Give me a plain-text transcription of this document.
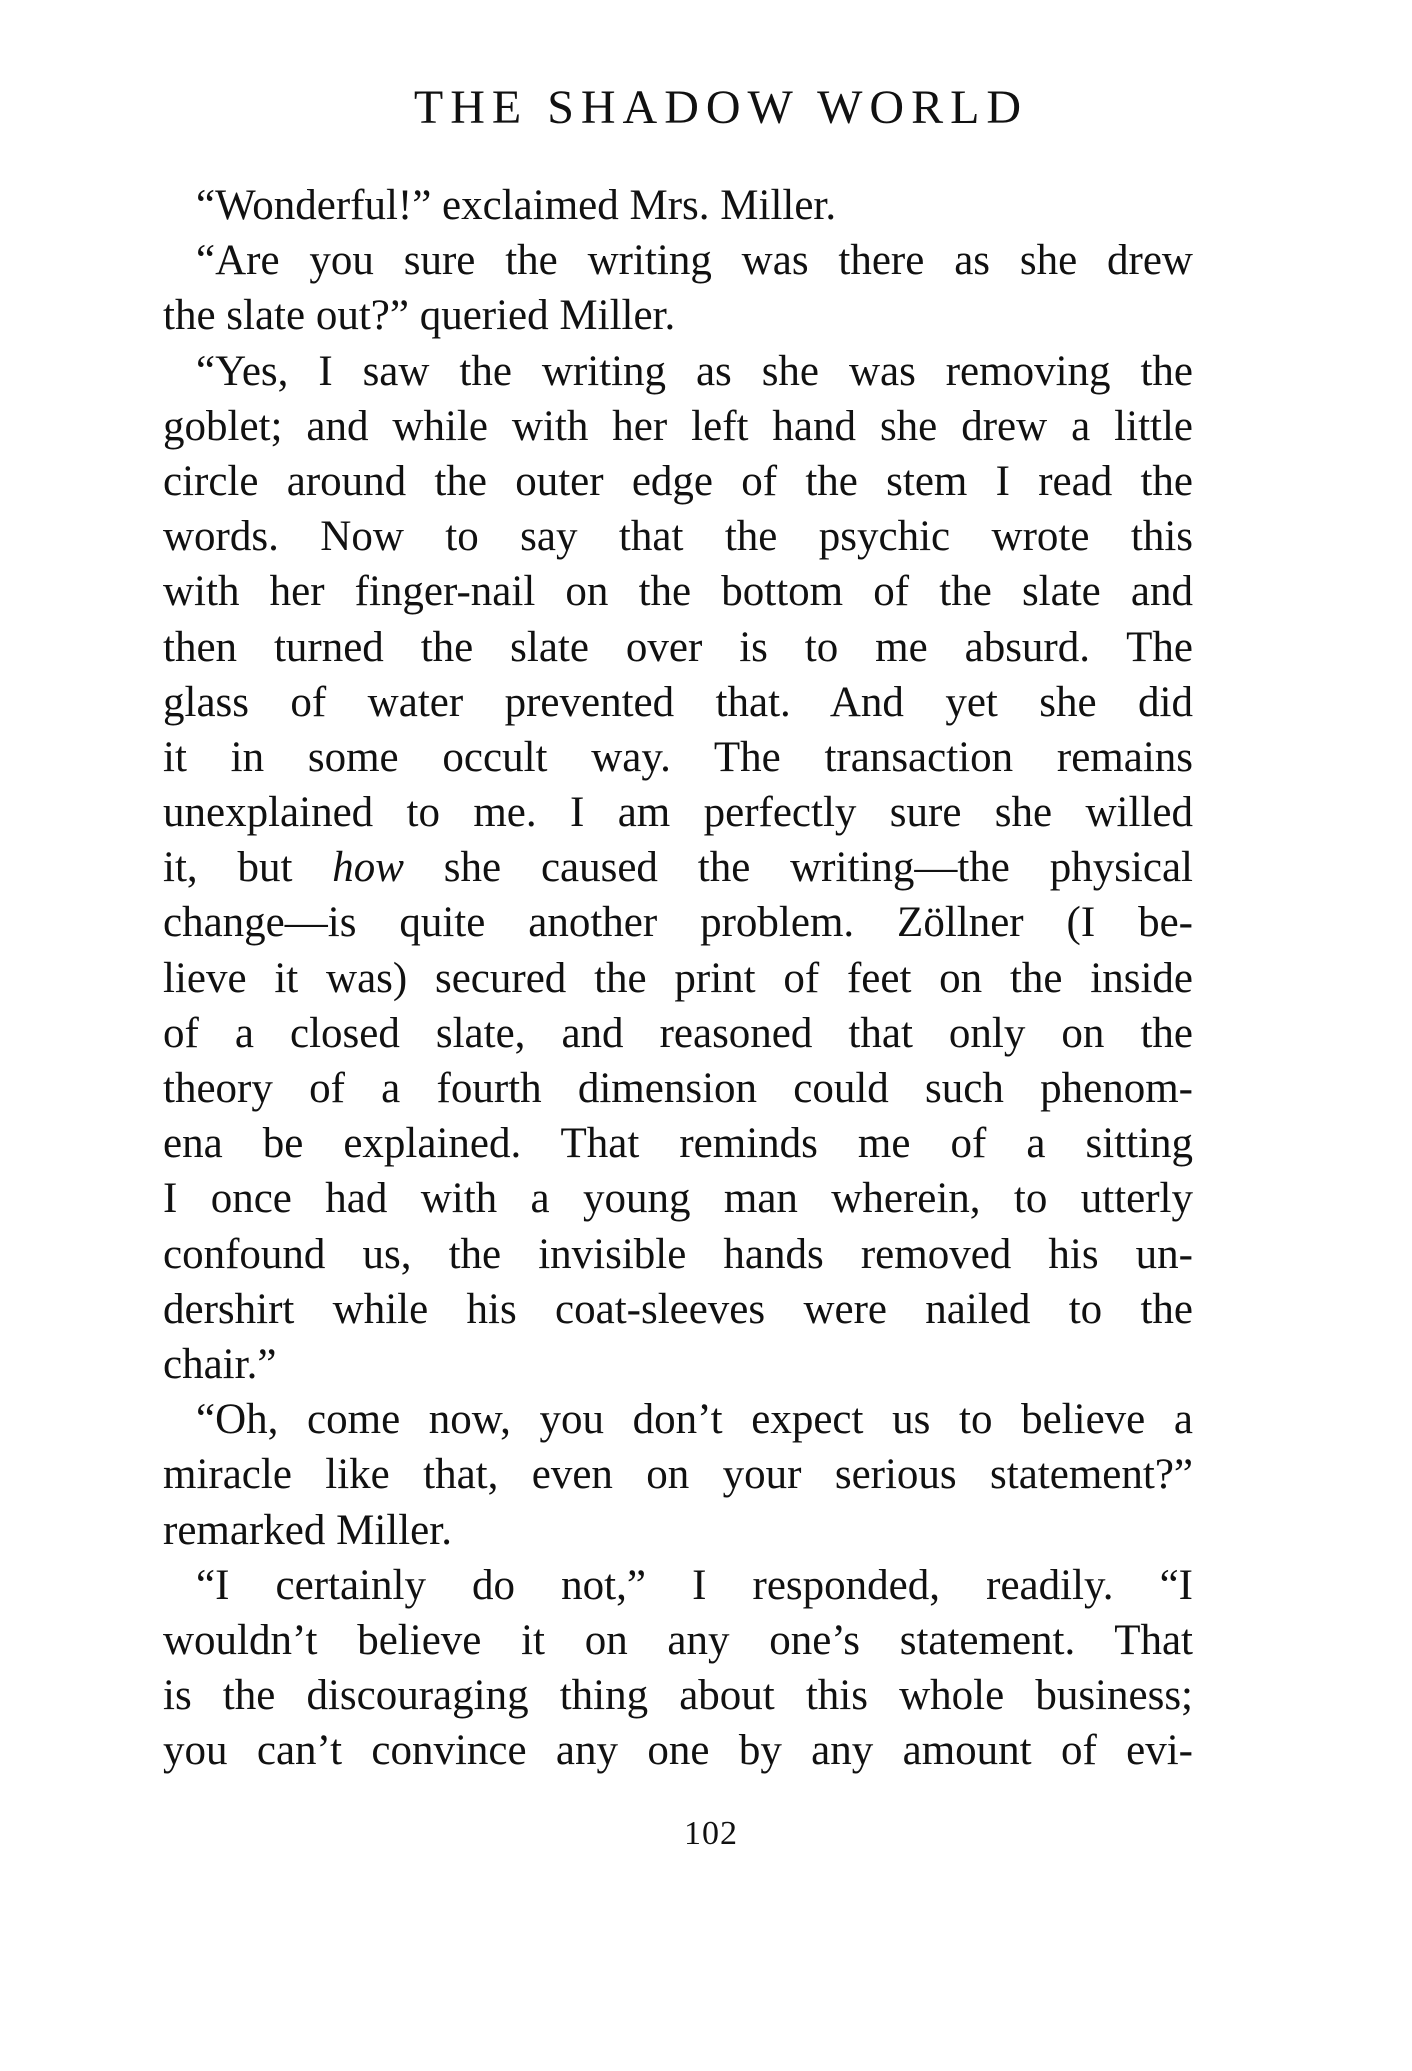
THE SHADOW WORLD
“Wonderful!” exclaimed Mrs. Miller.
“Are you sure the writing was there as she drew
the slate out?” queried Miller.
“Yes, I saw the writing as she was removing the
goblet; and while with her left hand she drew a little
circle around the outer edge of the stem I read the
words. Now to say that the psychic wrote this
with her finger-nail on the bottom of the slate and
then turned the slate over is to me absurd. The
glass of water prevented that. And yet she did
it in some occult way. The transaction remains
unexplained to me. I am perfectly sure she willed
it, but how she caused the writing—the physical
change—is quite another problem. Zöllner (I be-
lieve it was) secured the print of feet on the inside
of a closed slate, and reasoned that only on the
theory of a fourth dimension could such phenom-
ena be explained. That reminds me of a sitting
I once had with a young man wherein, to utterly
confound us, the invisible hands removed his un-
dershirt while his coat-sleeves were nailed to the
chair.”
“Oh, come now, you don’t expect us to believe a
miracle like that, even on your serious statement?”
remarked Miller.
“I certainly do not,” I responded, readily. “I
wouldn’t believe it on any one’s statement. That
is the discouraging thing about this whole business;
you can’t convince any one by any amount of evi-
102
